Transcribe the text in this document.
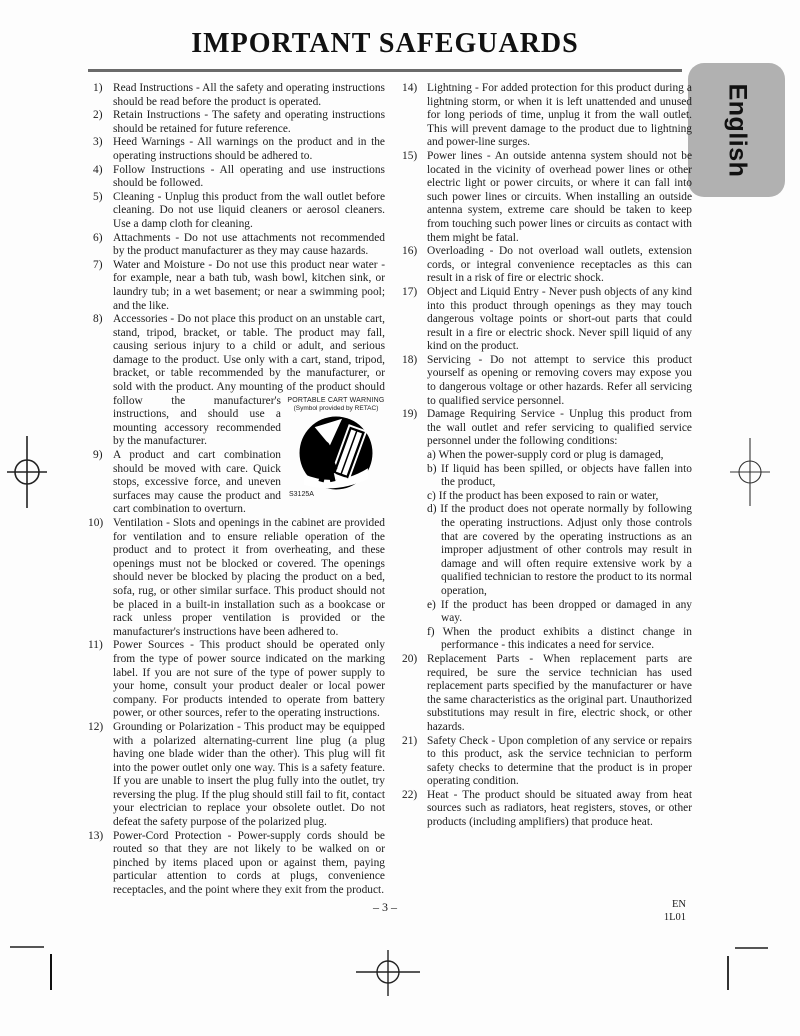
IMPORTANT SAFEGUARDS
English
1) Read Instructions - All the safety and operating instructions should be read before the product is operated.
2) Retain Instructions - The safety and operating instructions should be retained for future reference.
3) Heed Warnings - All warnings on the product and in the operating instructions should be adhered to.
4) Follow Instructions - All operating and use instructions should be followed.
5) Cleaning - Unplug this product from the wall outlet before cleaning. Do not use liquid cleaners or aerosol cleaners. Use a damp cloth for cleaning.
6) Attachments - Do not use attachments not recommended by the product manufacturer as they may cause hazards.
7) Water and Moisture - Do not use this product near water - for example, near a bath tub, wash bowl, kitchen sink, or laundry tub; in a wet basement; or near a swimming pool; and the like.
8) Accessories - Do not place this product on an unstable cart, stand, tripod, bracket, or table. The product may fall, causing serious injury to a child or adult, and serious damage to the product. Use only with a cart, stand, tripod, bracket, or table recommended by the manufacturer, or sold with the product. Any mounting of the product should
PORTABLE CART WARNING
(Symbol provided by RETAC)
S3125A
follow the manufacturer's instructions, and should use a mounting accessory recommended by the manufacturer.
9) A product and cart combination should be moved with care. Quick stops, excessive force, and uneven surfaces may cause the product and cart combination to overturn.
10) Ventilation - Slots and openings in the cabinet are provided for ventilation and to ensure reliable operation of the product and to protect it from overheating, and these openings must not be blocked or covered. The openings should never be blocked by placing the product on a bed, sofa, rug, or other similar surface. This product should not be placed in a built-in installation such as a bookcase or rack unless proper ventilation is provided or the manufacturer's instructions have been adhered to.
11) Power Sources - This product should be operated only from the type of power source indicated on the marking label. If you are not sure of the type of power supply to your home, consult your product dealer or local power company. For products intended to operate from battery power, or other sources, refer to the operating instructions.
12) Grounding or Polarization - This product may be equipped with a polarized alternating-current line plug (a plug having one blade wider than the other). This plug will fit into the power outlet only one way. This is a safety feature. If you are unable to insert the plug fully into the outlet, try reversing the plug. If the plug should still fail to fit, contact your electrician to replace your obsolete outlet. Do not defeat the safety purpose of the polarized plug.
13) Power-Cord Protection - Power-supply cords should be routed so that they are not likely to be walked on or pinched by items placed upon or against them, paying particular attention to cords at plugs, convenience receptacles, and the point where they exit from the product.
14) Lightning - For added protection for this product during a lightning storm, or when it is left unattended and unused for long periods of time, unplug it from the wall outlet. This will prevent damage to the product due to lightning and power-line surges.
15) Power lines - An outside antenna system should not be located in the vicinity of overhead power lines or other electric light or power circuits, or where it can fall into such power lines or circuits. When installing an outside antenna system, extreme care should be taken to keep from touching such power lines or circuits as contact with them might be fatal.
16) Overloading - Do not overload wall outlets, extension cords, or integral convenience receptacles as this can result in a risk of fire or electric shock.
17) Object and Liquid Entry - Never push objects of any kind into this product through openings as they may touch dangerous voltage points or short-out parts that could result in a fire or electric shock. Never spill liquid of any kind on the product.
18) Servicing - Do not attempt to service this product yourself as opening or removing covers may expose you to dangerous voltage or other hazards. Refer all servicing to qualified service personnel.
19) Damage Requiring Service - Unplug this product from the wall outlet and refer servicing to qualified service personnel under the following conditions:
a) When the power-supply cord or plug is damaged,
b) If liquid has been spilled, or objects have fallen into the product,
c) If the product has been exposed to rain or water,
d) If the product does not operate normally by following the operating instructions. Adjust only those controls that are covered by the operating instructions as an improper adjustment of other controls may result in damage and will often require extensive work by a qualified technician to restore the product to its normal operation,
e) If the product has been dropped or damaged in any way.
f) When the product exhibits a distinct change in performance - this indicates a need for service.
20) Replacement Parts - When replacement parts are required, be sure the service technician has used replacement parts specified by the manufacturer or have the same characteristics as the original part. Unauthorized substitutions may result in fire, electric shock, or other hazards.
21) Safety Check - Upon completion of any service or repairs to this product, ask the service technician to perform safety checks to determine that the product is in proper operating condition.
22) Heat - The product should be situated away from heat sources such as radiators, heat registers, stoves, or other products (including amplifiers) that produce heat.
– 3 –	EN
1L01
